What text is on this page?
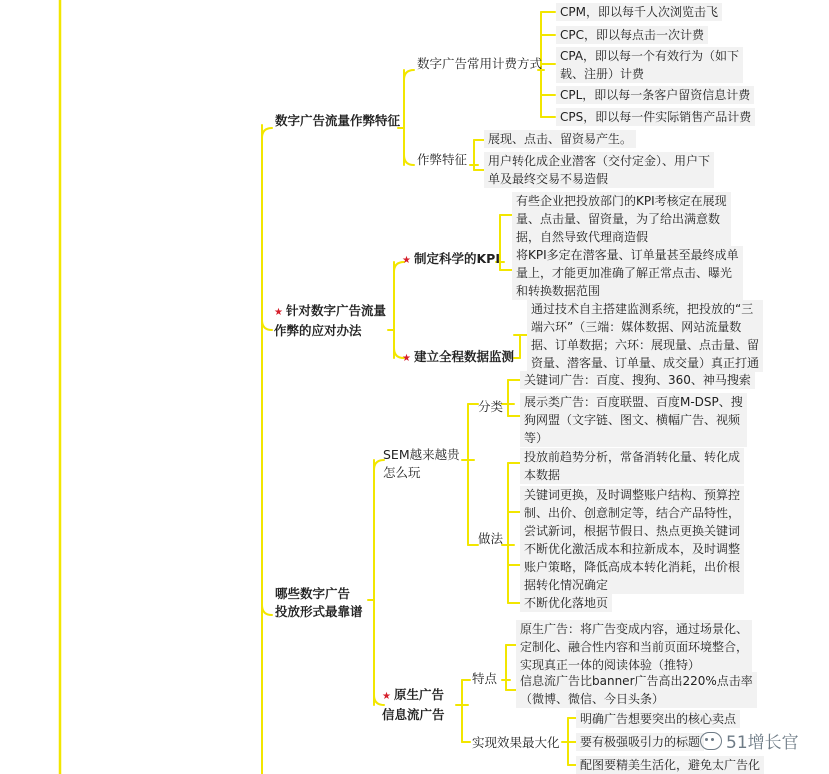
数字广告流量作弊特征
数字广告常用计费方式
CPM，即以每千人次浏览击飞
CPC，即以每点击一次计费
CPA，即以每一个有效行为（如下
载、注册）计费
CPL，即以每一条客户留资信息计费
CPS，即以每一件实际销售产品计费
作弊特征
展现、点击、留资易产生。
用户转化成企业潜客（交付定金）、用户下
单及最终交易不易造假
★ 针对数字广告流量
作弊的应对办法
★ 制定科学的KPI
有些企业把投放部门的KPI考核定在展现
量、点击量、留资量，为了给出满意数
据，自然导致代理商造假
将KPI多定在潜客量、订单量甚至最终成单
量上，才能更加准确了解正常点击、曝光
和转换数据范围
★ 建立全程数据监测
通过技术自主搭建监测系统，把投放的“三
端六环”（三端：媒体数据、网站流量数
据、订单数据；六环：展现量、点击量、留
资量、潜客量、订单量、成交量）真正打通
哪些数字广告
投放形式最靠谱
SEM越来越贵
怎么玩
分类
关键词广告：百度、搜狗、360、神马搜索
展示类广告：百度联盟、百度M-DSP、搜
狗网盟（文字链、图文、横幅广告、视频
等）
做法
投放前趋势分析，常备消转化量、转化成
本数据
关键词更换，及时调整账户结构、预算控
制、出价、创意制定等，结合产品特性，
尝试新词，根据节假日、热点更换关键词
不断优化激活成本和拉新成本，及时调整
账户策略，降低高成本转化消耗，出价根
据转化情况确定
不断优化落地页
★ 原生广告
信息流广告
特点
原生广告：将广告变成内容，通过场景化、
定制化、融合性内容和当前页面环境整合，
实现真正一体的阅读体验（推特）
信息流广告比banner广告高出220%点击率
（微博、微信、今日头条）
实现效果最大化
明确广告想要突出的核心卖点
要有极强吸引力的标题
配图要精美生活化，避免太广告化
51增长官
